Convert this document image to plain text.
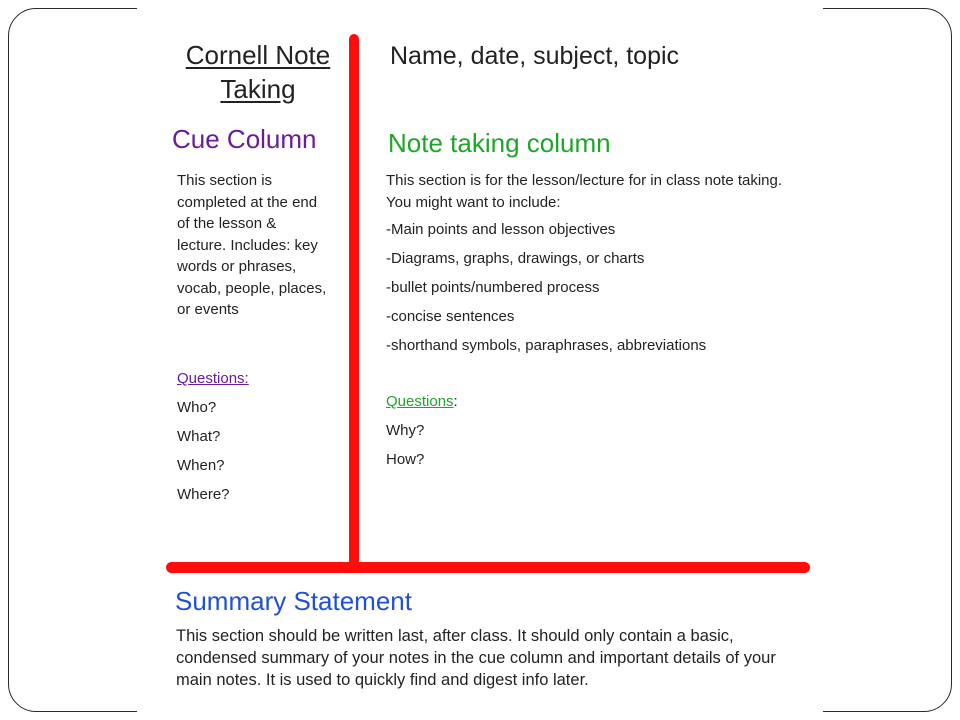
Cornell Note Taking
Name, date, subject, topic
Cue Column
This section is completed at the end of the lesson & lecture. Includes: key words or phrases, vocab, people, places, or events
Questions:
Who?
What?
When?
Where?
Note taking column
This section is for the lesson/lecture for in class note taking. You might want to include:
-Main points and lesson objectives
-Diagrams, graphs, drawings, or charts
-bullet points/numbered process
-concise sentences
-shorthand symbols, paraphrases, abbreviations
Questions:
Why?
How?
Summary Statement
This section should be written last, after class. It should only contain a basic, condensed summary of your notes in the cue column and important details of your main notes. It is used to quickly find and digest info later.
